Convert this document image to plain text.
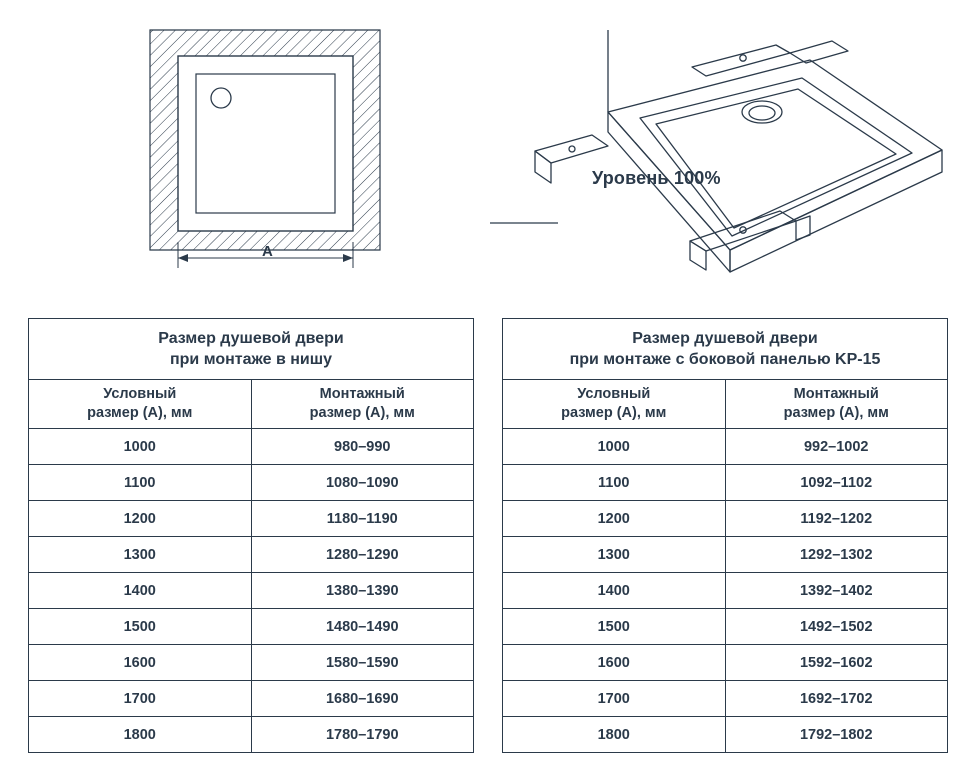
A
Уровень 100%
Размер душевой двери
при монтаже в нишу	

Условный
размер (А), мм	Монтажный
размер (А), мм

1000	980–990
1100	1080–1090
1200	1180–1190
1300	1280–1290
1400	1380–1390
1500	1480–1490
1600	1580–1590
1700	1680–1690
1800	1780–1790
Размер душевой двери
при монтаже с боковой панелью KP-15	

Условный
размер (А), мм	Монтажный
размер (А), мм

1000	992–1002
1100	1092–1102
1200	1192–1202
1300	1292–1302
1400	1392–1402
1500	1492–1502
1600	1592–1602
1700	1692–1702
1800	1792–1802
